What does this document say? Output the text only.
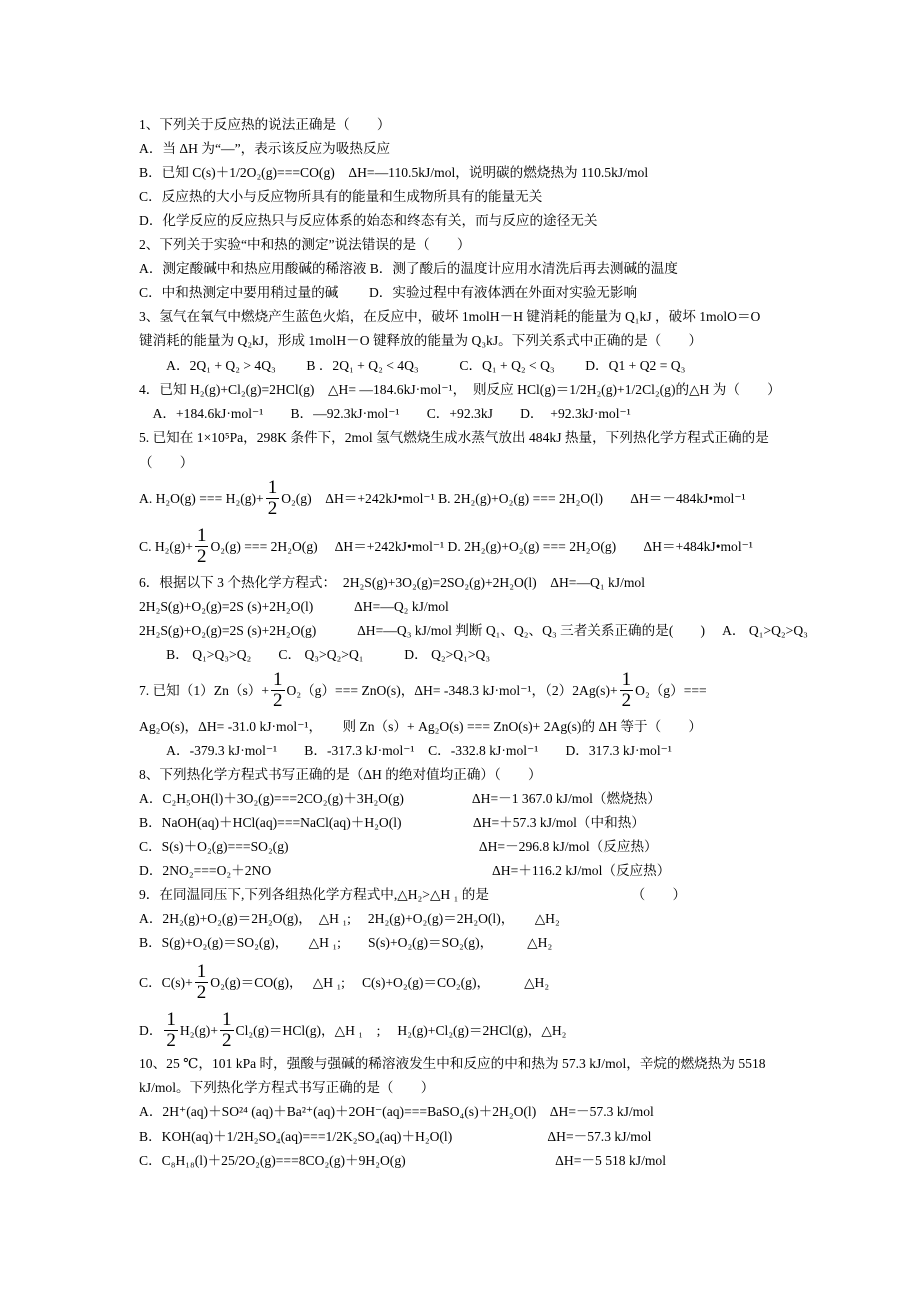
1、下列关于反应热的说法正确是（　　）
A．当 ΔH 为“—”，表示该反应为吸热反应
B．已知 C(s)＋1/2O₂(g)===CO(g)　ΔH=—110.5kJ/mol，说明碳的燃烧热为 110.5kJ/mol
C．反应热的大小与反应物所具有的能量和生成物所具有的能量无关
D．化学反应的反应热只与反应体系的始态和终态有关，而与反应的途径无关
2、下列关于实验“中和热的测定”说法错误的是（　　）
A．测定酸碱中和热应用酸碱的稀溶液 B．测了酸后的温度计应用水清洗后再去测碱的温度
C．中和热测定中要用稍过量的碱　　 D．实验过程中有液体洒在外面对实验无影响
3、氢气在氧气中燃烧产生蓝色火焰，在反应中，破坏 1molH－H 键消耗的能量为 Q₁kJ ，破坏 1molO＝O
键消耗的能量为 Q₂kJ，形成 1molH－O 键释放的能量为 Q₃kJ。下列关系式中正确的是（　　）
　　A．2Q₁ + Q₂ > 4Q₃　　 B ．2Q₁ + Q₂ < 4Q₃　　　C．Q₁ + Q₂ < Q₃　　 D．Q1 + Q2 = Q₃
4．已知 H₂(g)+Cl₂(g)=2HCl(g)　△H= —184.6kJ·mol⁻¹，　则反应 HCl(g)＝1/2H₂(g)+1/2Cl₂(g)的△H 为（　　）
　A．+184.6kJ·mol⁻¹　　B．—92.3kJ·mol⁻¹　　C．+92.3kJ　　D．　+92.3kJ·mol⁻¹
5. 已知在 1×10⁵Pa，298K 条件下，2mol 氢气燃烧生成水蒸气放出 484kJ 热量，下列热化学方程式正确的是
（　　）
A. H₂O(g) === $H_2(g)+ \frac{1}{2} O_2(g)$　ΔH＝+242kJ•mol⁻¹ B. 2H₂(g)+O₂(g) === 2H₂O(l)　　ΔH＝－484kJ•mol⁻¹
C. $H_2(g)+ \frac{1}{2} O_2(g)$ === 2H₂O(g)　 ΔH＝+242kJ•mol⁻¹ D. 2H₂(g)+O₂(g) === 2H₂O(g)　　ΔH＝+484kJ•mol⁻¹
6．根据以下 3 个热化学方程式：　2H₂S(g)+3O₂(g)=2SO₂(g)+2H₂O(l)　ΔH=—Q₁ kJ/mol
2H₂S(g)+O₂(g)=2S (s)+2H₂O(l)　　　ΔH=—Q₂ kJ/mol
2H₂S(g)+O₂(g)=2S (s)+2H₂O(g)　　　ΔH=—Q₃ kJ/mol 判断 Q₁、Q₂、Q₃ 三者关系正确的是(　　)　 A． Q₁>Q₂>Q₃
　　B． Q₁>Q₃>Q₂　　C． Q₃>Q₂>Q₁　　　D． Q₂>Q₁>Q₃
7. 已知$(1)Zn(s)+ \frac{1}{2} O_2(g)=== ZnO(s)$，ΔH= -348.3 kJ·mol⁻¹，$(2)2Ag(s)+ \frac{1}{2} O_2(g)===$
Ag₂O(s)，ΔH= -31.0 kJ·mol⁻¹，　　则 Zn（s）+ Ag₂O(s) === ZnO(s)+ 2Ag(s)的 ΔH 等于（　　）
　　A．-379.3 kJ·mol⁻¹　　B．-317.3 kJ·mol⁻¹　C．-332.8 kJ·mol⁻¹　　D．317.3 kJ·mol⁻¹
8、下列热化学方程式书写正确的是（ΔH 的绝对值均正确）（　　）
A．C₂H₅OH(l)＋3O₂(g)===2CO₂(g)＋3H₂O(g)　　　　　ΔH=－1 367.0 kJ/mol（燃烧热）
B．NaOH(aq)＋HCl(aq)===NaCl(aq)＋H₂O(l)　　　　　 ΔH=＋57.3 kJ/mol（中和热）
C．S(s)＋O₂(g)===SO₂(g)　　　　　　　　　　　　　　ΔH=－296.8 kJ/mol（反应热）
D．2NO₂===O₂＋2NO　　　　　　　　　　　　　　　　 ΔH=＋116.2 kJ/mol（反应热）
9．在同温同压下,下列各组热化学方程式中,△H₂>△H ₁ 的是　　　　　　　　　　　（　　）
A．2H₂(g)+O₂(g)＝2H₂O(g)，　△H ₁;　 2H₂(g)+O₂(g)＝2H₂O(l)，　　△H₂
B．S(g)+O₂(g)＝SO₂(g)，　　△H ₁;　　S(s)+O₂(g)＝SO₂(g)，　　　△H₂
C．$C(s)+ \frac{1}{2} O_2(g)=CO(g)$，　 △H ₁;　 C(s)+O₂(g)＝CO₂(g)，　　　△H₂
D． $\frac{1}{2} H_2(g)+ \frac{1}{2} Cl_2(g)=HCl(g)$，△H ₁　;　 H₂(g)+Cl₂(g)＝2HCl(g)，△H₂
10、25 ℃，101 kPa 时，强酸与强碱的稀溶液发生中和反应的中和热为 57.3 kJ/mol，辛烷的燃烧热为 5518
kJ/mol。下列热化学方程式书写正确的是（　　）
A．2H⁺(aq)＋SO²⁴ (aq)＋Ba²⁺(aq)＋2OH⁻(aq)===BaSO₄(s)＋2H₂O(l)　ΔH=－57.3 kJ/mol
B．KOH(aq)＋1/2H₂SO₄(aq)===1/2K₂SO₄(aq)＋H₂O(l)　　　　　　　ΔH=－57.3 kJ/mol
C．C₈H₁₈(l)＋25/2O₂(g)===8CO₂(g)＋9H₂O(g)　　　　　　　　　　　ΔH=－5 518 kJ/mol
